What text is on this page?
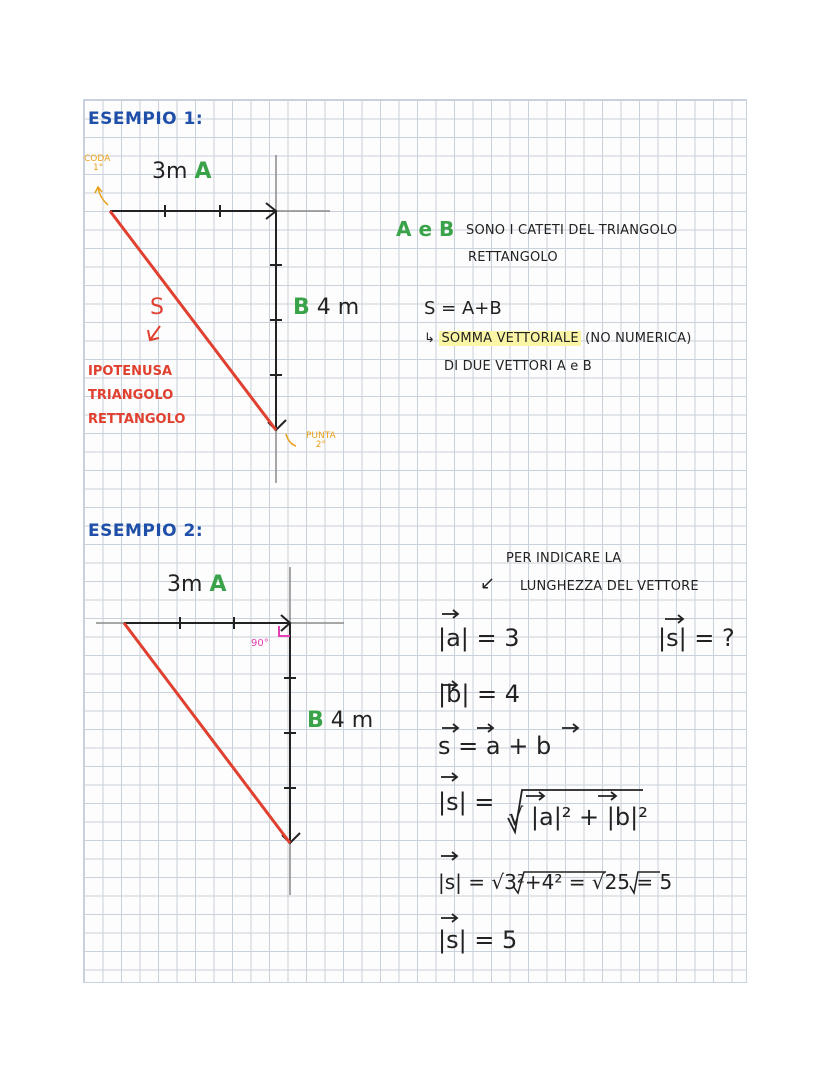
ESEMPIO 1:
CODA
1°	3m A
B 4 m
S
IPOTENUSA
TRIANGOLO
RETTANGOLO
PUNTA
2°
A e B SONO I CATETI DEL TRIANGOLO
RETTANGOLO
S = A+B
↳ SOMMA VETTORIALE (NO NUMERICA)
DI DUE VETTORI A e B
ESEMPIO 2:
3m A
90°
B 4 m
PER INDICARE LA
↙ LUNGHEZZA DEL VETTORE
|a| = 3	|s| = ?
|b| = 4
s = a + b
|s| =
√ |a|² + |b|²
|s| = √3²+4² = √25 = 5
|s| = 5
